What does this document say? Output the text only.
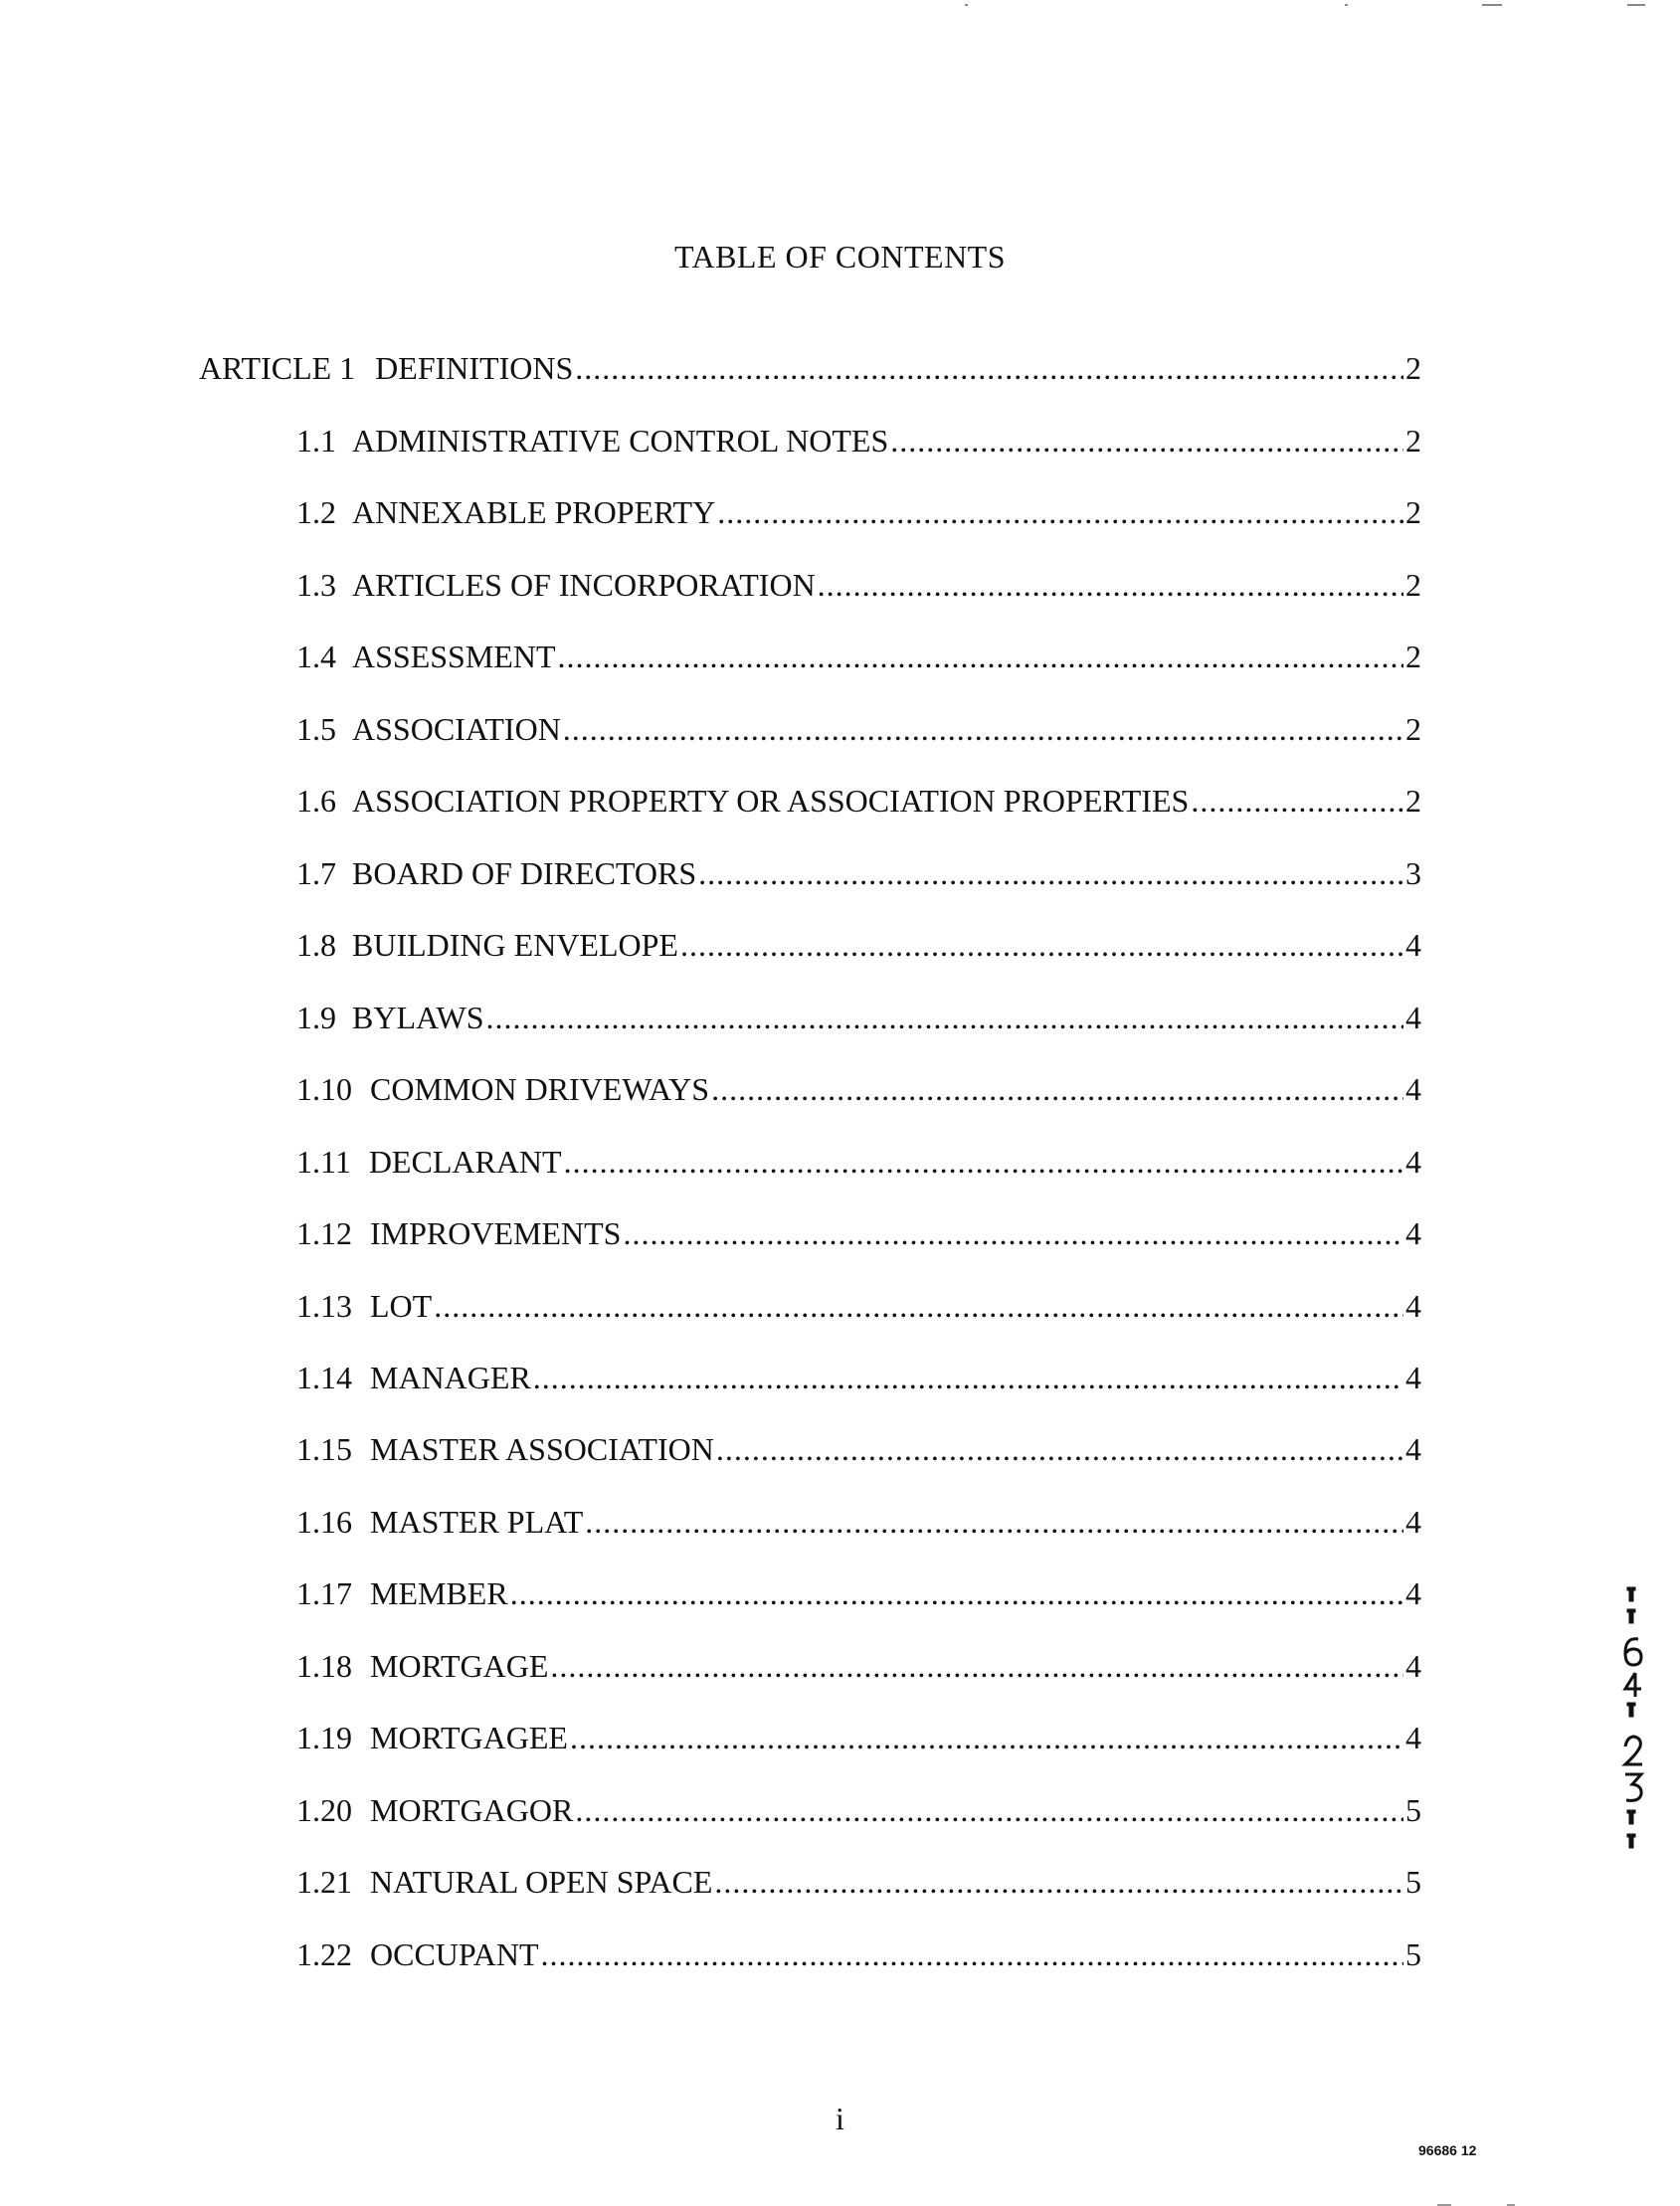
TABLE OF CONTENTS
ARTICLE 1 DEFINITIONS .....	2
1.1 ADMINISTRATIVE CONTROL NOTES .....	2
1.2 ANNEXABLE PROPERTY .....	2
1.3 ARTICLES OF INCORPORATION .....	2
1.4 ASSESSMENT .....	2
1.5 ASSOCIATION .....	2
1.6 ASSOCIATION PROPERTY OR ASSOCIATION PROPERTIES .....	2
1.7 BOARD OF DIRECTORS .....	3
1.8 BUILDING ENVELOPE .....	4
1.9 BYLAWS .....	4
1.10 COMMON DRIVEWAYS .....	4
1.11 DECLARANT .....	4
1.12 IMPROVEMENTS .....	4
1.13 LOT .....	4
1.14 MANAGER .....	4
1.15 MASTER ASSOCIATION .....	4
1.16 MASTER PLAT .....	4
1.17 MEMBER .....	4
1.18 MORTGAGE .....	4
1.19 MORTGAGEE .....	4
1.20 MORTGAGOR .....	5
1.21 NATURAL OPEN SPACE .....	5
1.22 OCCUPANT .....	5
i
96686 12
